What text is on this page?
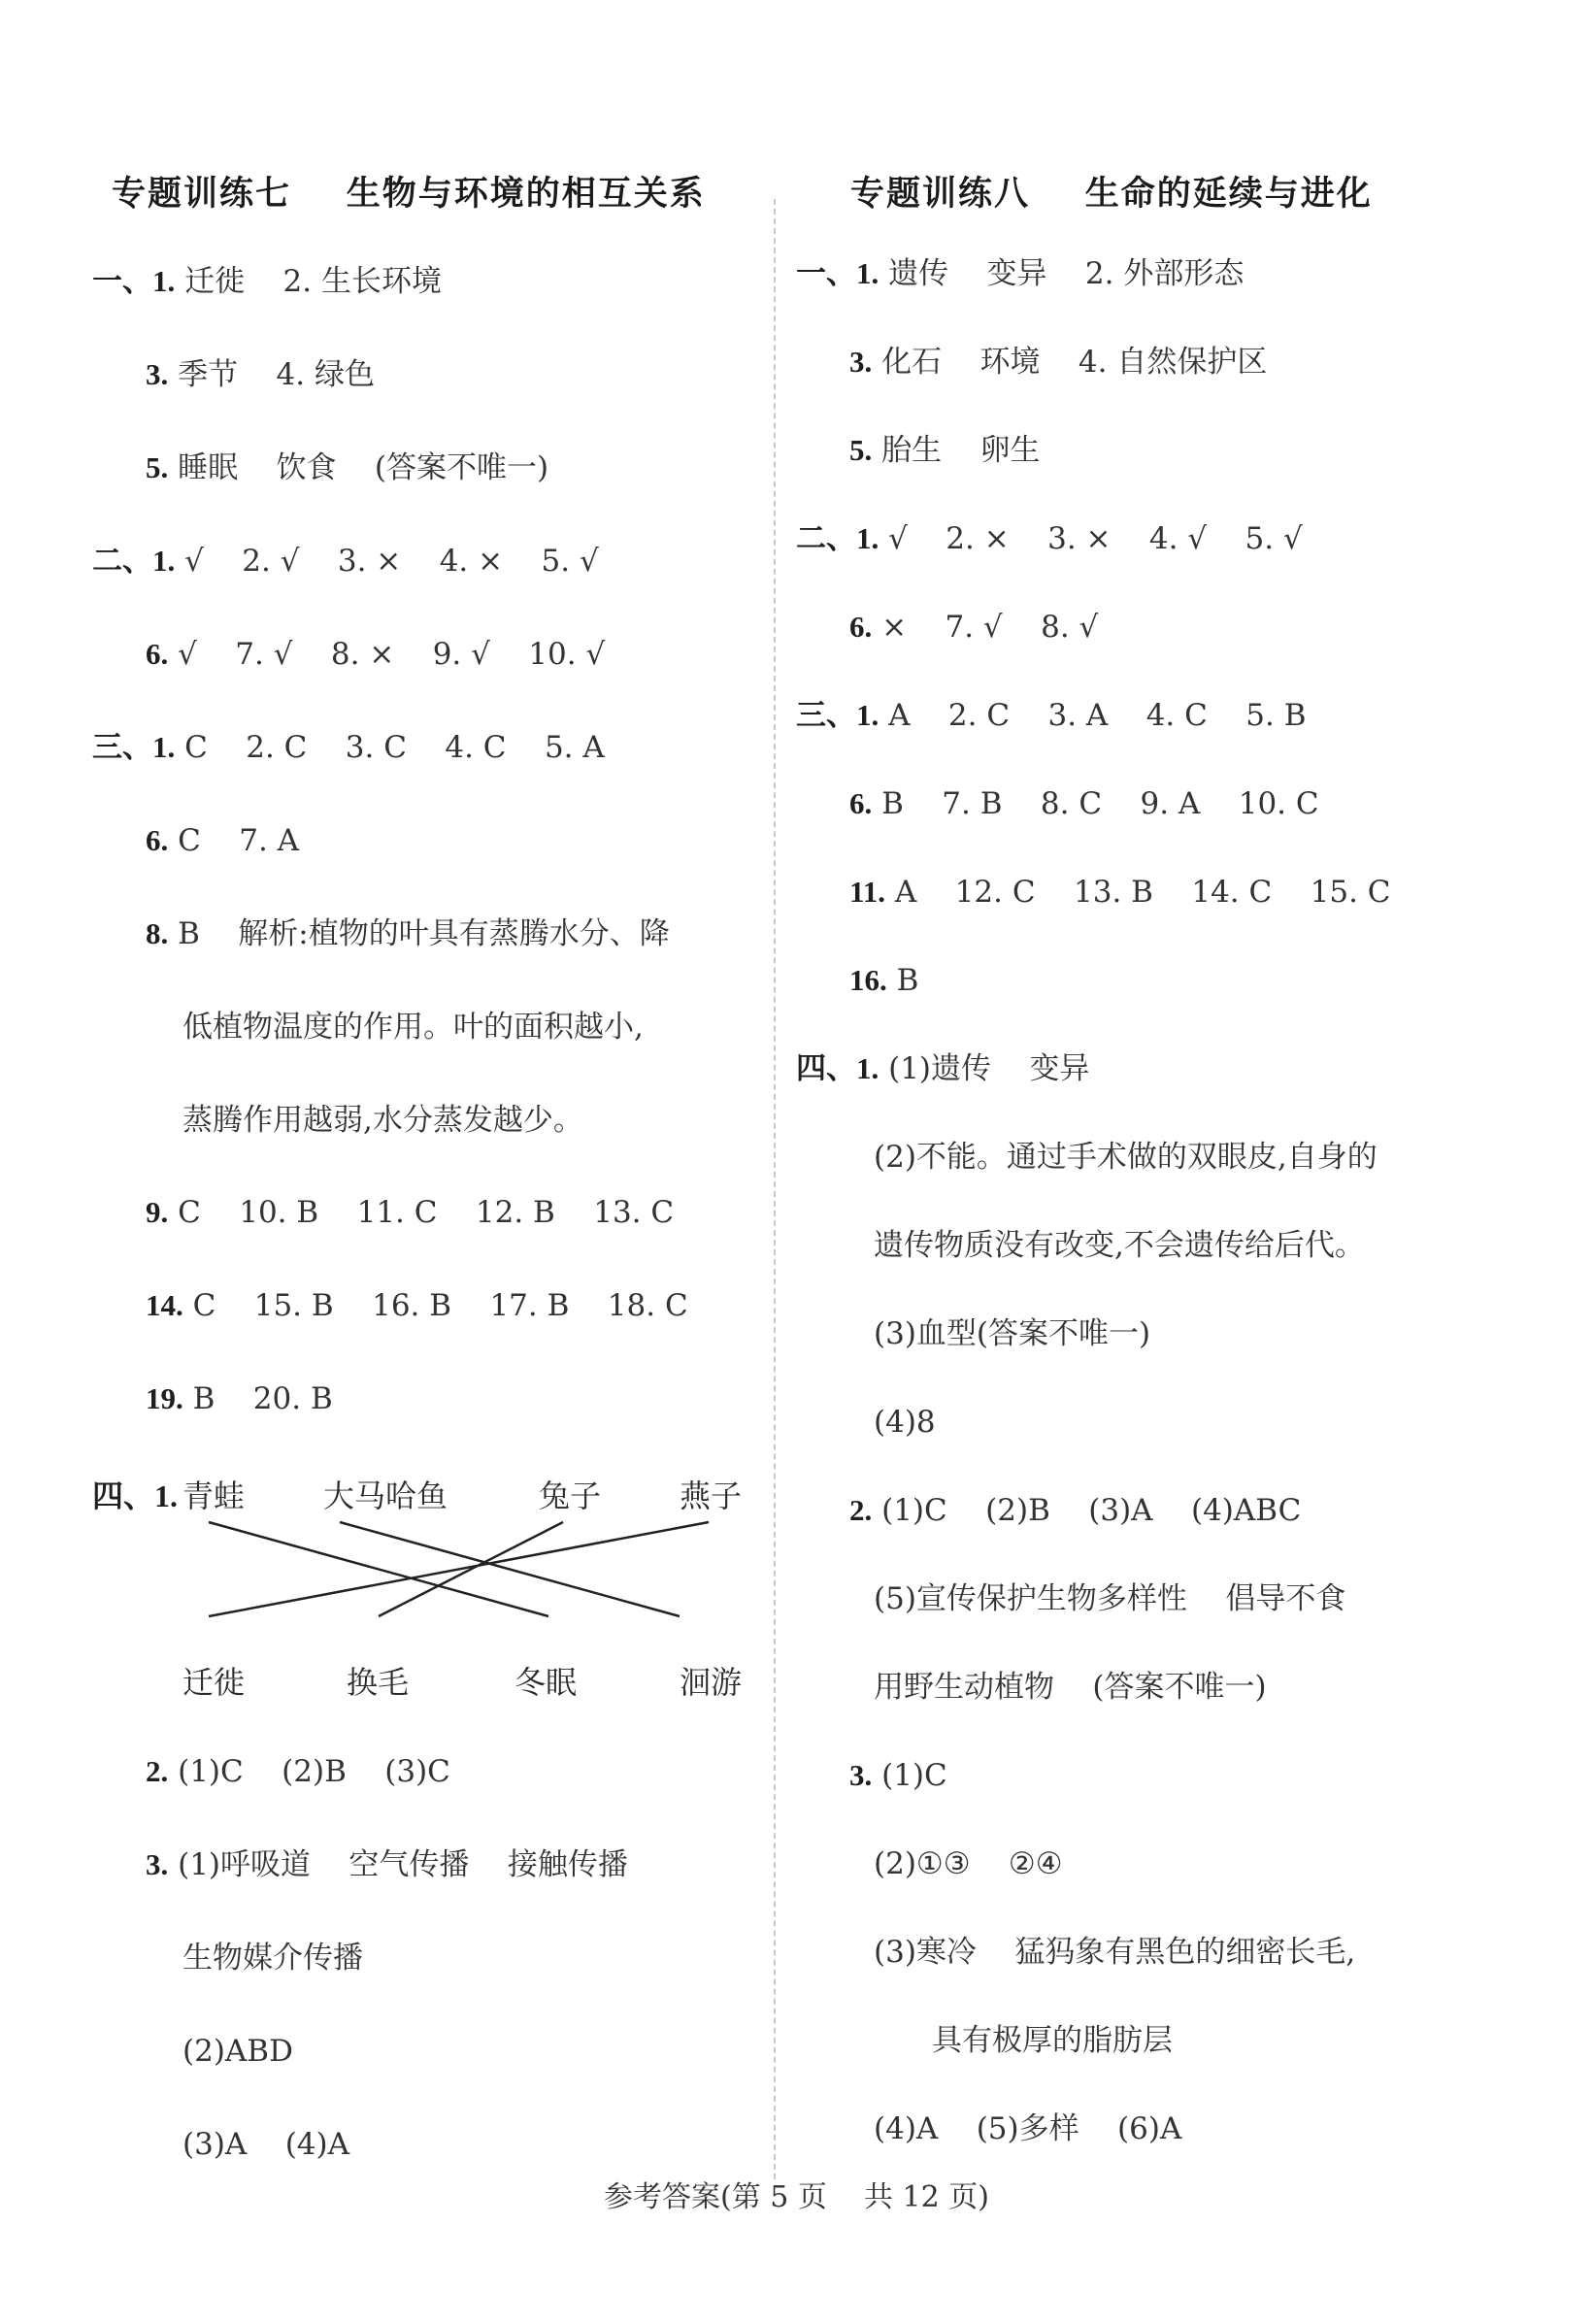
专题训练七    生物与环境的相互关系
一、1. 迁徙    2. 生长环境
3. 季节    4. 绿色
5. 睡眠    饮食    (答案不唯一)
二、1. √    2. √    3. ×    4. ×    5. √
6. √    7. √    8. ×    9. √    10. √
三、1. C    2. C    3. C    4. C    5. A
6. C    7. A
8. B    解析:植物的叶具有蒸腾水分、降
低植物温度的作用。叶的面积越小,
蒸腾作用越弱,水分蒸发越少。
9. C    10. B    11. C    12. B    13. C
14. C    15. B    16. B    17. B    18. C
19. B    20. B
2. (1)C    (2)B    (3)C
3. (1)呼吸道    空气传播    接触传播
生物媒介传播
(2)ABD
(3)A    (4)A
四、1. 青蛙	大马哈鱼	兔子	燕子
迁徙	换毛	冬眠	洄游
专题训练八    生命的延续与进化
一、1. 遗传    变异    2. 外部形态
3. 化石    环境    4. 自然保护区
5. 胎生    卵生
二、1. √    2. ×    3. ×    4. √    5. √
6. ×    7. √    8. √
三、1. A    2. C    3. A    4. C    5. B
6. B    7. B    8. C    9. A    10. C
11. A    12. C    13. B    14. C    15. C
16. B
四、1. (1)遗传    变异
(2)不能。通过手术做的双眼皮,自身的
遗传物质没有改变,不会遗传给后代。
(3)血型(答案不唯一)
(4)8
2. (1)C    (2)B    (3)A    (4)ABC
(5)宣传保护生物多样性    倡导不食
用野生动植物    (答案不唯一)
3. (1)C
(2)①③    ②④
(3)寒冷    猛犸象有黑色的细密长毛,
具有极厚的脂肪层
(4)A    (5)多样    (6)A
参考答案(第 5 页    共 12 页)
